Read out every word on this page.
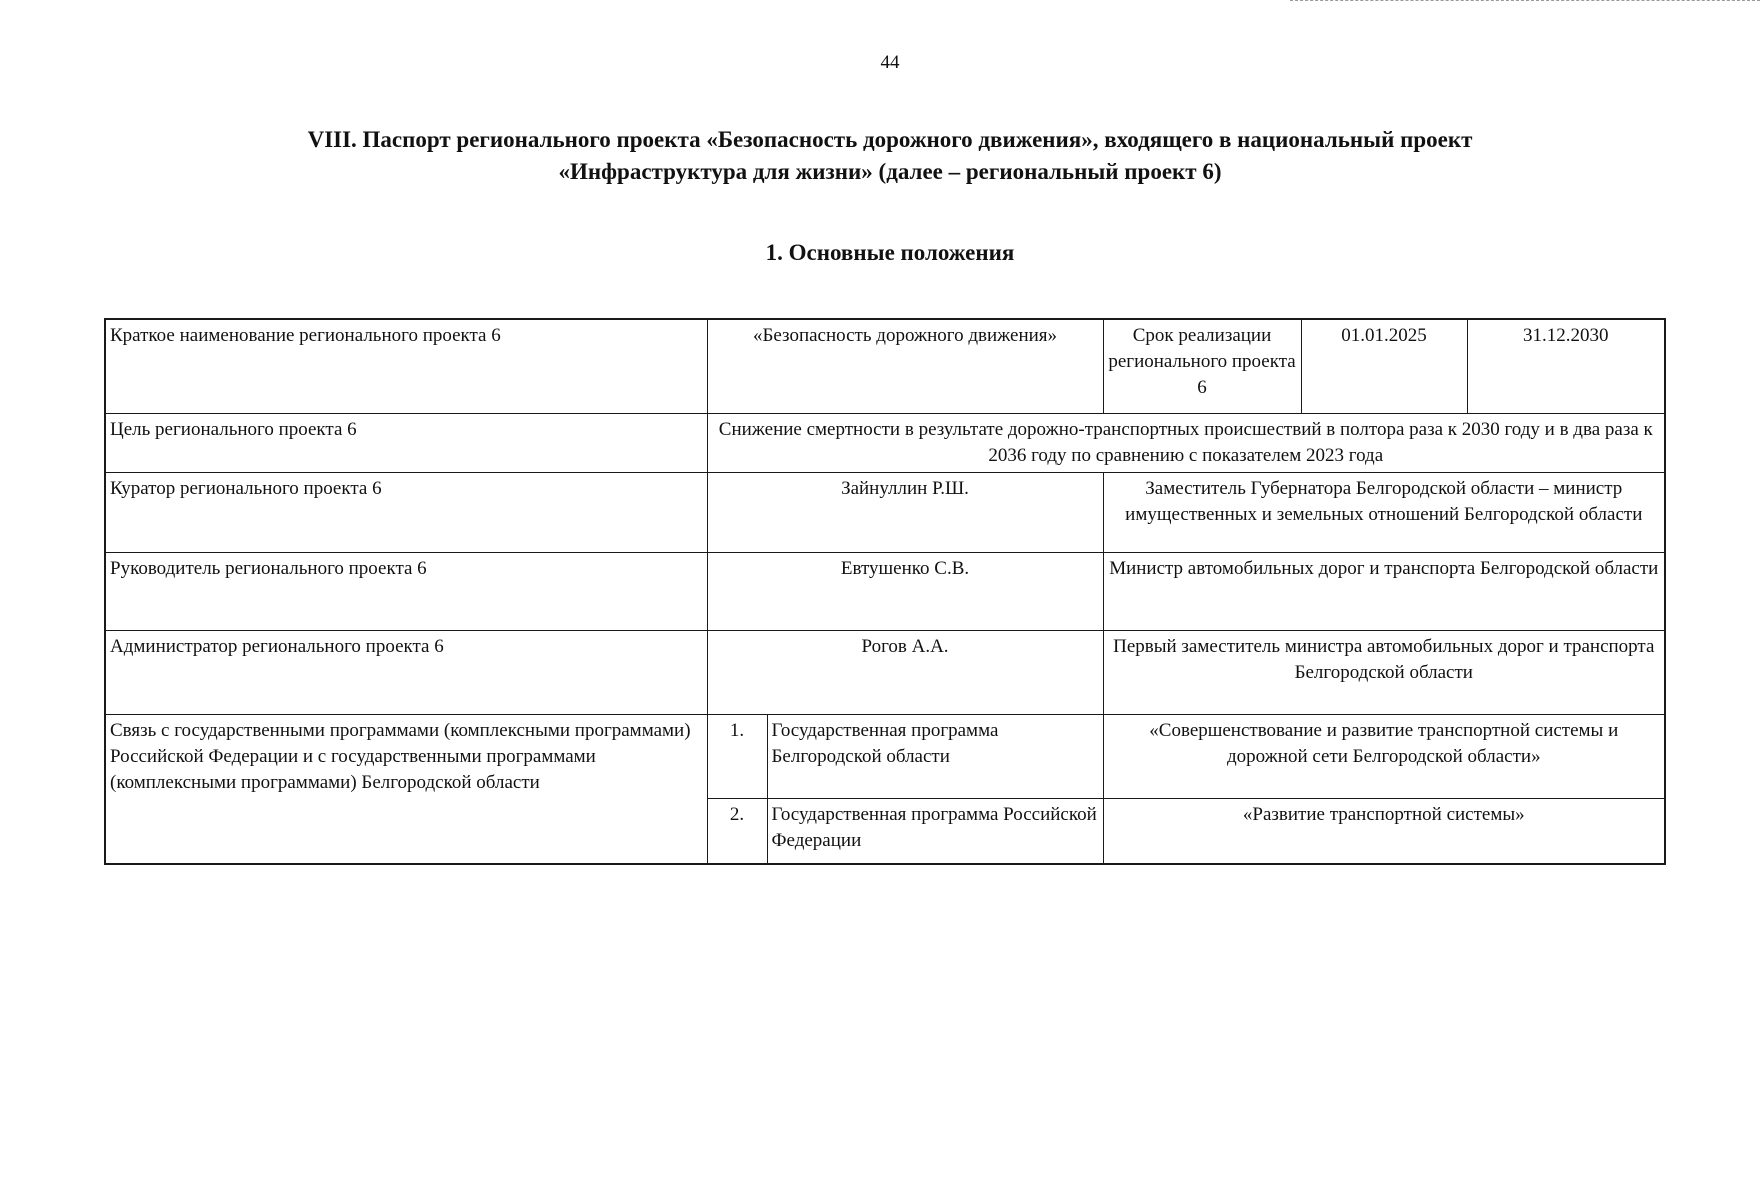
44
VIII. Паспорт регионального проекта «Безопасность дорожного движения», входящего в национальный проект
«Инфраструктура для жизни» (далее – региональный проект 6)
1. Основные положения
Краткое наименование регионального проекта 6	«Безопасность дорожного движения»		Срок реализации регионального проекта 6	01.01.2025	31.12.2030
Цель регионального проекта 6	Снижение смертности в результате дорожно-транспортных происшествий в полтора раза к 2030 году и в два раза к 2036 году по сравнению с показателем 2023 года				
Куратор регионального проекта 6	Зайнуллин Р.Ш.		Заместитель Губернатора Белгородской области – министр имущественных и земельных отношений Белгородской области		
Руководитель регионального проекта 6	Евтушенко С.В.		Министр автомобильных дорог и транспорта Белгородской области		
Администратор регионального проекта 6	Рогов А.А.		Первый заместитель министра автомобильных дорог и транспорта Белгородской области		
Связь с государственными программами (комплексными программами) Российской Федерации и с государственными программами (комплексными программами) Белгородской области	1.	Государственная программа Белгородской области	«Совершенствование и развитие транспортной системы и дорожной сети Белгородской области»		
	2.	Государственная программа Российской Федерации	«Развитие транспортной системы»		
